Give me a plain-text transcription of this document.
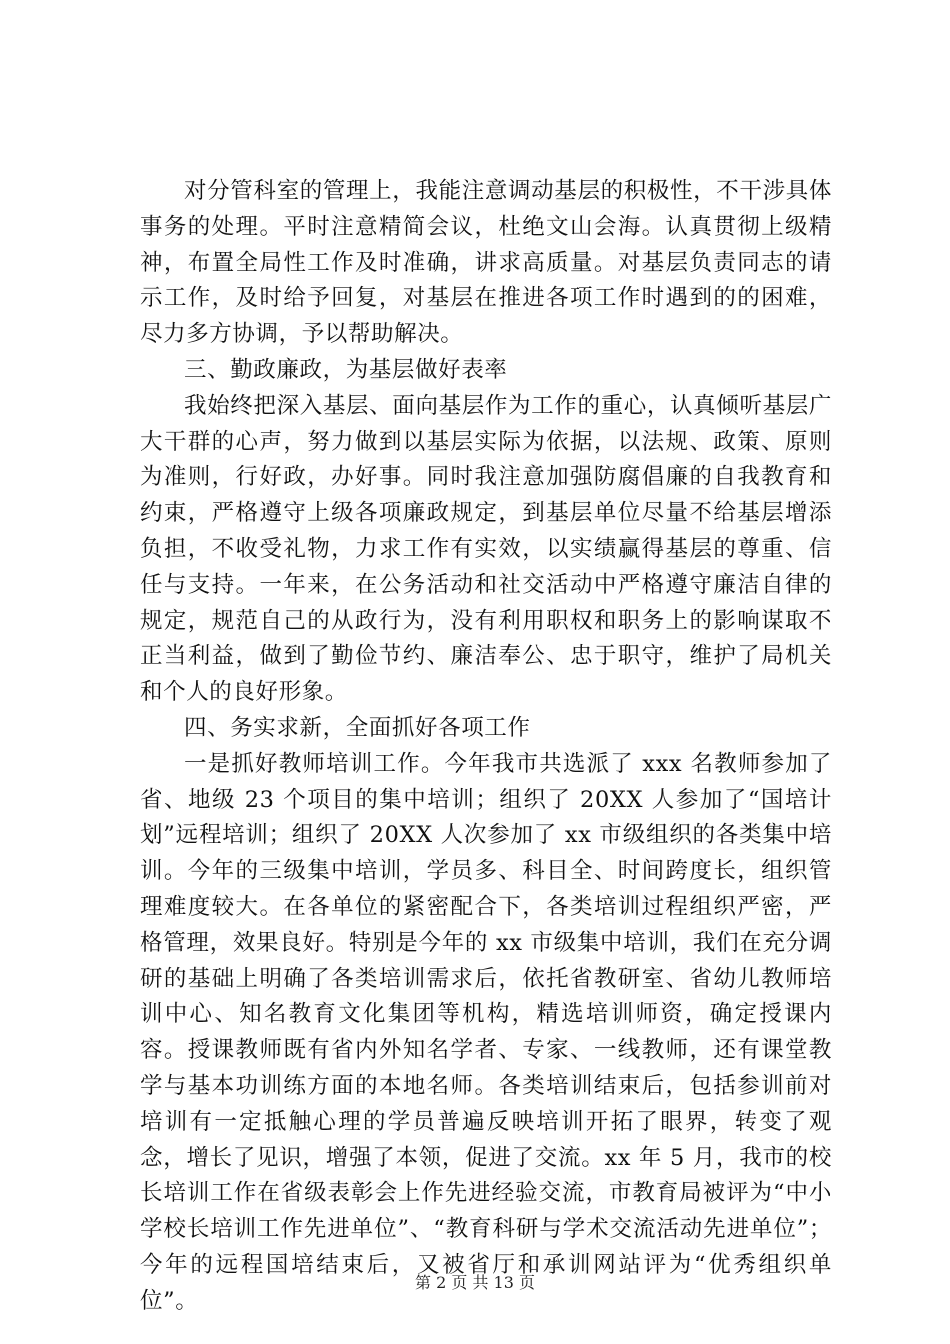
对分管科室的管理上，我能注意调动基层的积极性，不干涉具体事务的处理。平时注意精简会议，杜绝文山会海。认真贯彻上级精神，布置全局性工作及时准确，讲求高质量。对基层负责同志的请示工作，及时给予回复，对基层在推进各项工作时遇到的的困难，尽力多方协调，予以帮助解决。

三、勤政廉政，为基层做好表率

我始终把深入基层、面向基层作为工作的重心，认真倾听基层广大干群的心声，努力做到以基层实际为依据，以法规、政策、原则为准则，行好政，办好事。同时我注意加强防腐倡廉的自我教育和约束，严格遵守上级各项廉政规定，到基层单位尽量不给基层增添负担，不收受礼物，力求工作有实效，以实绩赢得基层的尊重、信任与支持。一年来，在公务活动和社交活动中严格遵守廉洁自律的规定，规范自己的从政行为，没有利用职权和职务上的影响谋取不正当利益，做到了勤俭节约、廉洁奉公、忠于职守，维护了局机关和个人的良好形象。

四、务实求新，全面抓好各项工作

一是抓好教师培训工作。今年我市共选派了 xxx 名教师参加了省、地级 23 个项目的集中培训；组织了 20XX 人参加了“国培计划”远程培训；组织了 20XX 人次参加了 xx 市级组织的各类集中培训。今年的三级集中培训，学员多、科目全、时间跨度长，组织管理难度较大。在各单位的紧密配合下，各类培训过程组织严密，严格管理，效果良好。特别是今年的 xx 市级集中培训，我们在充分调研的基础上明确了各类培训需求后，依托省教研室、省幼儿教师培训中心、知名教育文化集团等机构，精选培训师资，确定授课内容。授课教师既有省内外知名学者、专家、一线教师，还有课堂教学与基本功训练方面的本地名师。各类培训结束后，包括参训前对培训有一定抵触心理的学员普遍反映培训开拓了眼界，转变了观念，增长了见识，增强了本领，促进了交流。xx 年 5 月，我市的校长培训工作在省级表彰会上作先进经验交流，市教育局被评为“中小学校长培训工作先进单位”、“教育科研与学术交流活动先进单位”；今年的远程国培结束后，又被省厅和承训网站评为“优秀组织单位”。

第 2 页 共 13 页
